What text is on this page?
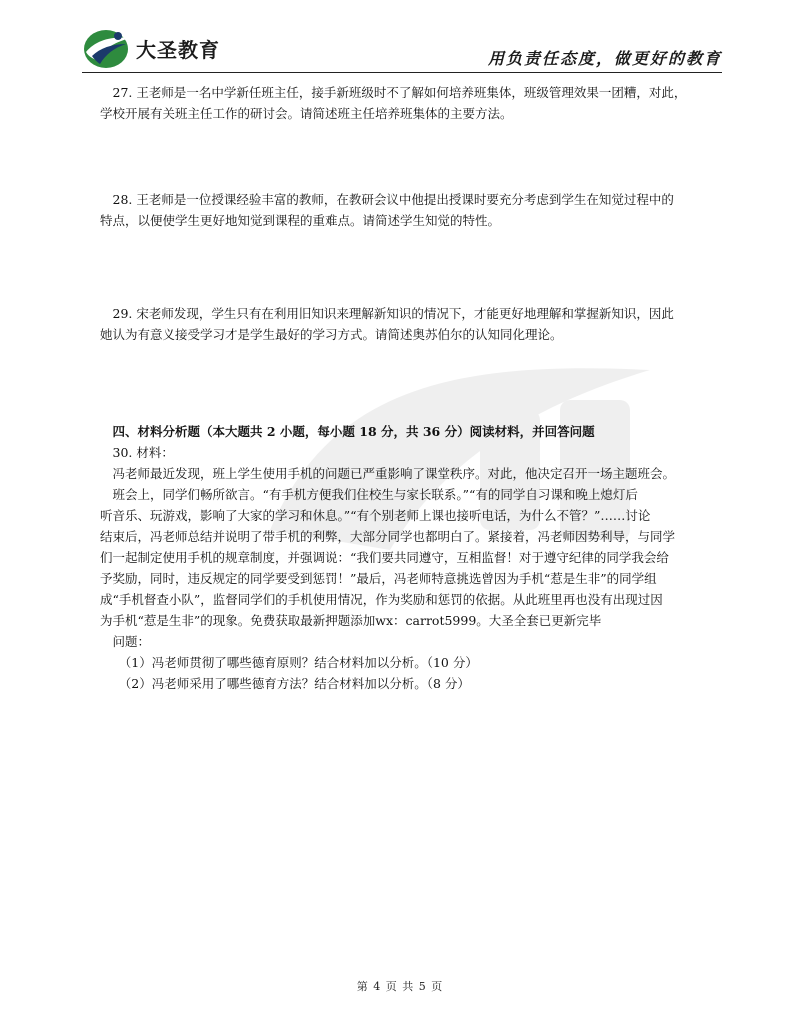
大圣教育	用负责任态度，做更好的教育

27. 王老师是一名中学新任班主任，接手新班级时不了解如何培养班集体，班级管理效果一团糟，对此，

学校开展有关班主任工作的研讨会。请简述班主任培养班集体的主要方法。

28. 王老师是一位授课经验丰富的教师，在教研会议中他提出授课时要充分考虑到学生在知觉过程中的

特点，以便使学生更好地知觉到课程的重难点。请简述学生知觉的特性。

29. 宋老师发现，学生只有在利用旧知识来理解新知识的情况下，才能更好地理解和掌握新知识，因此

她认为有意义接受学习才是学生最好的学习方式。请简述奥苏伯尔的认知同化理论。

四、材料分析题（本大题共 2 小题，每小题 18 分，共 36 分）阅读材料，并回答问题

30. 材料：

冯老师最近发现，班上学生使用手机的问题已严重影响了课堂秩序。对此，他决定召开一场主题班会。

班会上，同学们畅所欲言。“有手机方便我们住校生与家长联系。”“有的同学自习课和晚上熄灯后

听音乐、玩游戏，影响了大家的学习和休息。”“有个别老师上课也接听电话，为什么不管？”……讨论

结束后，冯老师总结并说明了带手机的利弊，大部分同学也都明白了。紧接着，冯老师因势利导，与同学

们一起制定使用手机的规章制度，并强调说：“我们要共同遵守，互相监督！对于遵守纪律的同学我会给

予奖励，同时，违反规定的同学要受到惩罚！”最后，冯老师特意挑选曾因为手机“惹是生非”的同学组

成“手机督查小队”，监督同学们的手机使用情况，作为奖励和惩罚的依据。从此班里再也没有出现过因

为手机“惹是生非”的现象。免费获取最新押题添加wx：carrot5999。大圣全套已更新完毕

问题：

（1）冯老师贯彻了哪些德育原则？结合材料加以分析。（10 分）

（2）冯老师采用了哪些德育方法？结合材料加以分析。（8 分）

第 4 页 共 5 页
